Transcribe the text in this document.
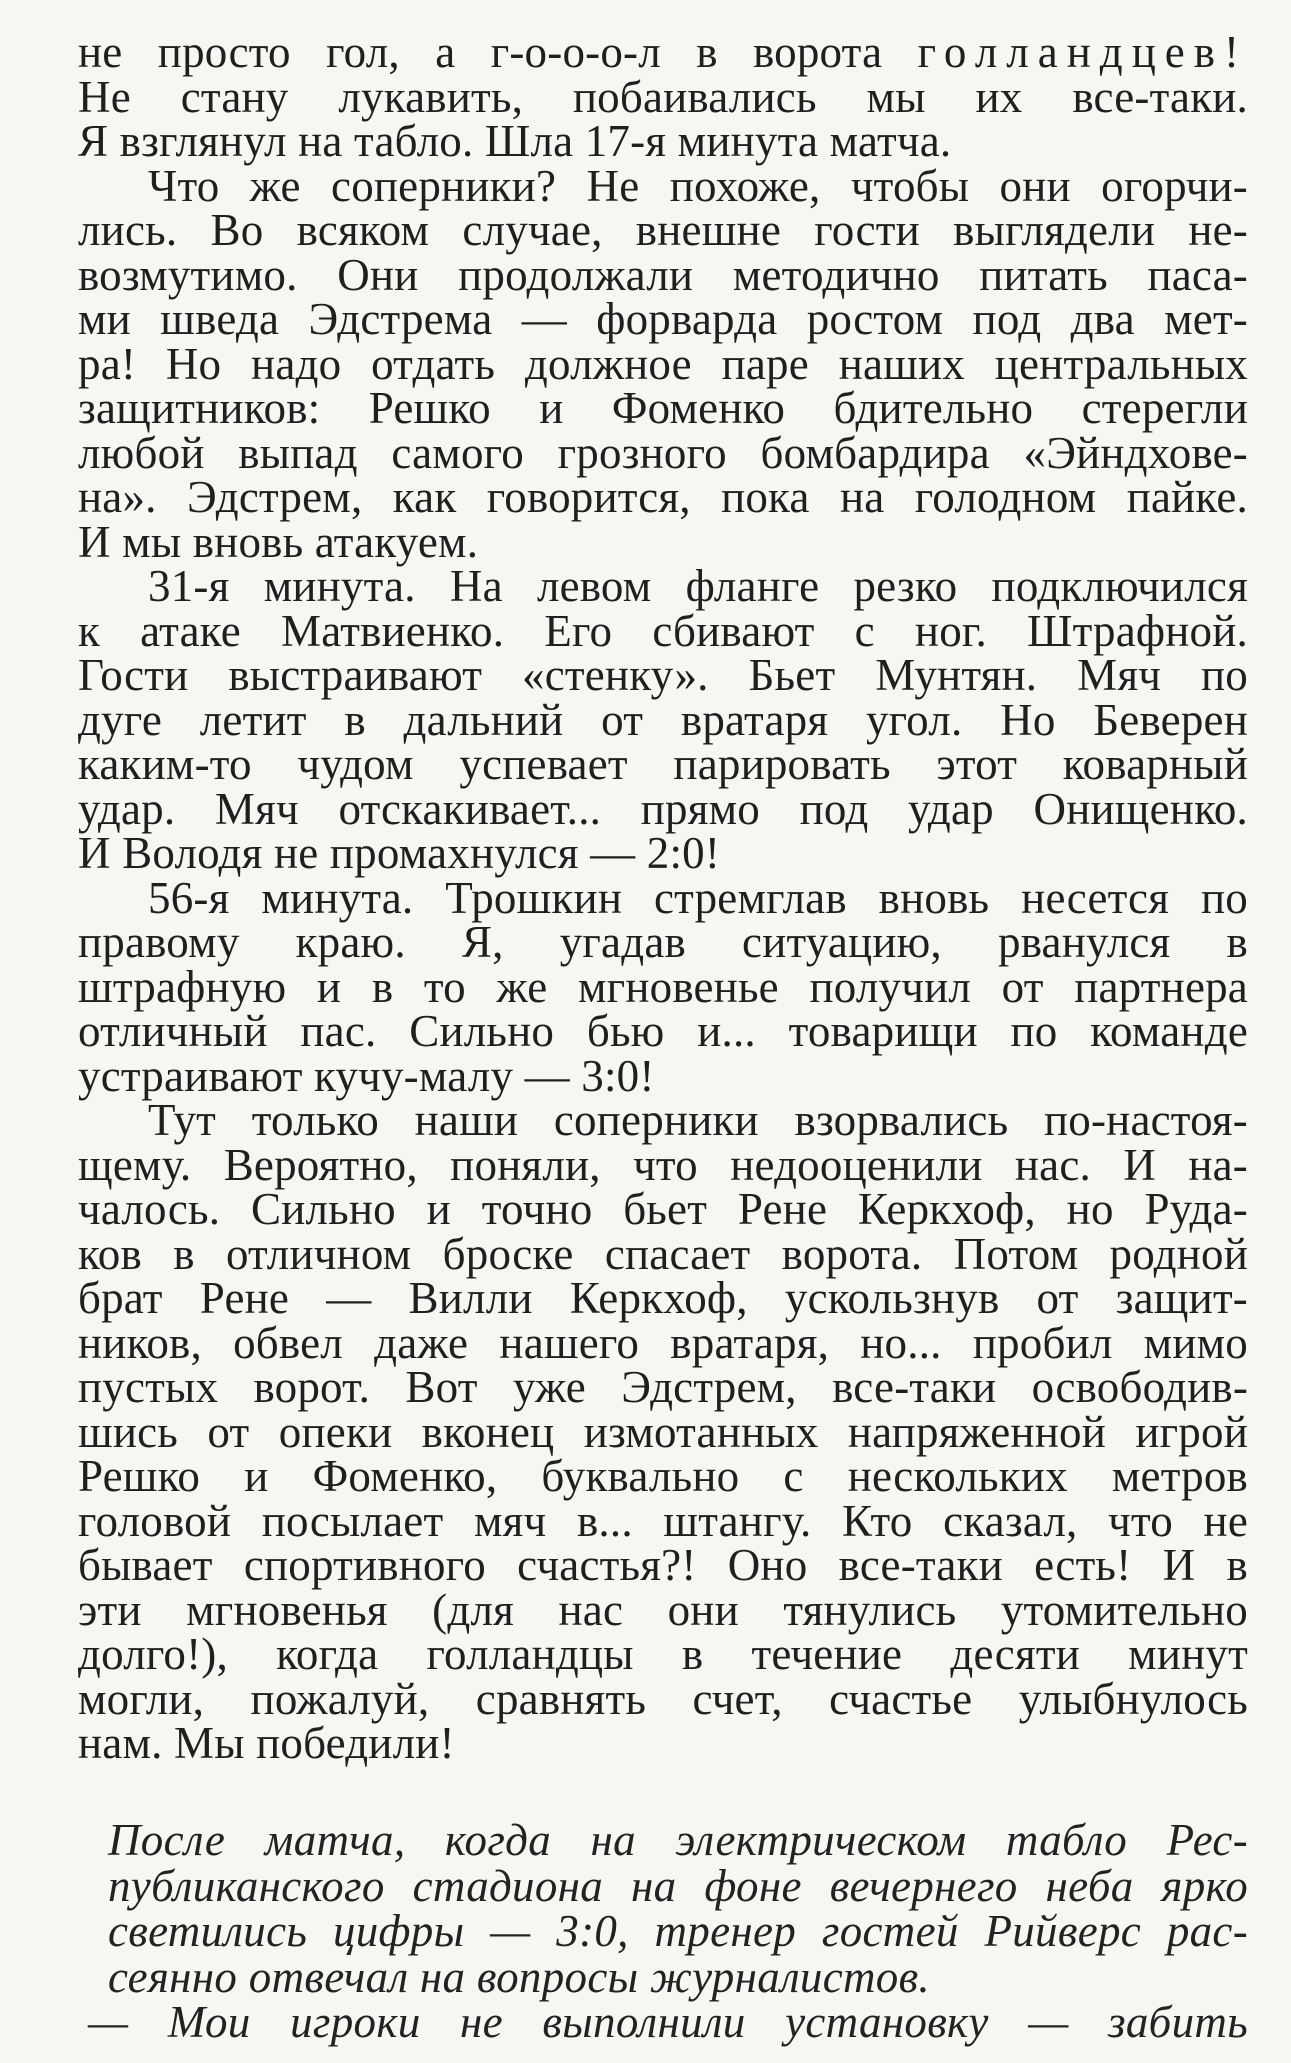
не просто гол, а г-о-о-о-л в ворота голландцев!
Не стану лукавить, побаивались мы их все-таки.
Я взглянул на табло. Шла 17-я минута матча.
Что же соперники? Не похоже, чтобы они огорчи-
лись. Во всяком случае, внешне гости выглядели не-
возмутимо. Они продолжали методично питать паса-
ми шведа Эдстрема — форварда ростом под два мет-
ра! Но надо отдать должное паре наших центральных
защитников: Решко и Фоменко бдительно стерегли
любой выпад самого грозного бомбардира «Эйндхове-
на». Эдстрем, как говорится, пока на голодном пайке.
И мы вновь атакуем.
31-я минута. На левом фланге резко подключился
к атаке Матвиенко. Его сбивают с ног. Штрафной.
Гости выстраивают «стенку». Бьет Мунтян. Мяч по
дуге летит в дальний от вратаря угол. Но Беверен
каким-то чудом успевает парировать этот коварный
удар. Мяч отскакивает... прямо под удар Онищенко.
И Володя не промахнулся — 2:0!
56-я минута. Трошкин стремглав вновь несется по
правому краю. Я, угадав ситуацию, рванулся в
штрафную и в то же мгновенье получил от партнера
отличный пас. Сильно бью и... товарищи по команде
устраивают кучу-малу — 3:0!
Тут только наши соперники взорвались по-настоя-
щему. Вероятно, поняли, что недооценили нас. И на-
чалось. Сильно и точно бьет Рене Керкхоф, но Руда-
ков в отличном броске спасает ворота. Потом родной
брат Рене — Вилли Керкхоф, ускользнув от защит-
ников, обвел даже нашего вратаря, но... пробил мимо
пустых ворот. Вот уже Эдстрем, все-таки освободив-
шись от опеки вконец измотанных напряженной игрой
Решко и Фоменко, буквально с нескольких метров
головой посылает мяч в... штангу. Кто сказал, что не
бывает спортивного счастья?! Оно все-таки есть! И в
эти мгновенья (для нас они тянулись утомительно
долго!), когда голландцы в течение десяти минут
могли, пожалуй, сравнять счет, счастье улыбнулось
нам. Мы победили!
После матча, когда на электрическом табло Рес-
публиканского стадиона на фоне вечернего неба ярко
светились цифры — 3:0, тренер гостей Рийверс рас-
сеянно отвечал на вопросы журналистов.
— Мои игроки не выполнили установку — забить
